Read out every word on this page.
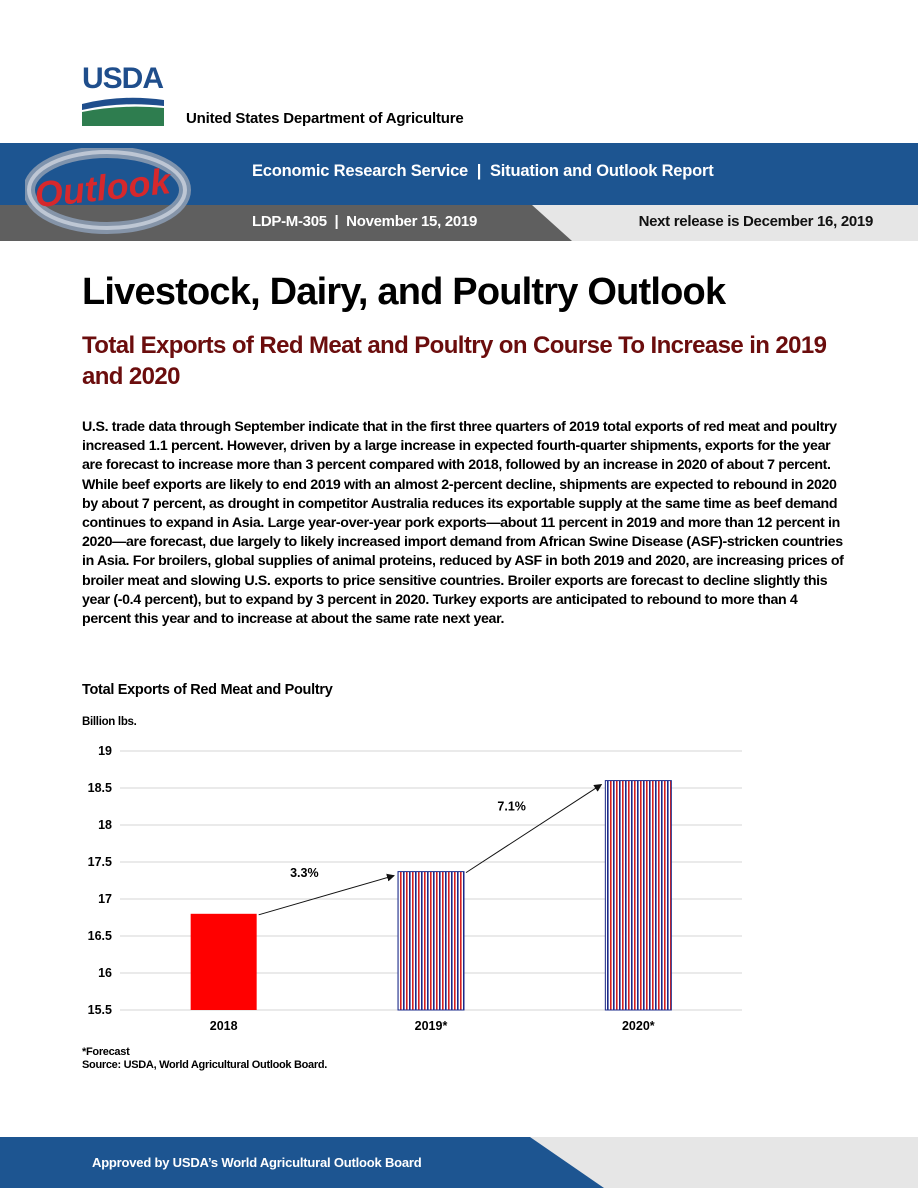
USDA
United States Department of Agriculture
Outlook	Economic Research Service  |  Situation and Outlook Report
LDP-M-305  |  November 15, 2019	Next release is December 16, 2019
Livestock, Dairy, and Poultry Outlook
Total Exports of Red Meat and Poultry on Course To Increase in 2019 and 2020
U.S. trade data through September indicate that in the first three quarters of 2019 total exports of red meat and poultry increased 1.1 percent. However, driven by a large increase in expected fourth-quarter shipments, exports for the year are forecast to increase more than 3 percent compared with 2018, followed by an increase in 2020 of about 7 percent. While beef exports are likely to end 2019 with an almost 2-percent decline, shipments are expected to rebound in 2020 by about 7 percent, as drought in competitor Australia reduces its exportable supply at the same time as beef demand continues to expand in Asia. Large year-over-year pork exports—about 11 percent in 2019 and more than 12 percent in 2020—are forecast, due largely to likely increased import demand from African Swine Disease (ASF)-stricken countries in Asia. For broilers, global supplies of animal proteins, reduced by ASF in both 2019 and 2020, are increasing prices of broiler meat and slowing U.S. exports to price sensitive countries. Broiler exports are forecast to decline slightly this year (-0.4 percent), but to expand by 3 percent in 2020. Turkey exports are anticipated to rebound to more than 4 percent this year and to increase at about the same rate next year.
Total Exports of Red Meat and Poultry
Billion lbs.
15.5
16
16.5
17
17.5
18
18.5
19
2018	2019*	2020*
3.3%
7.1%
*Forecast
Source: USDA, World Agricultural Outlook Board.
Approved by USDA’s World Agricultural Outlook Board
